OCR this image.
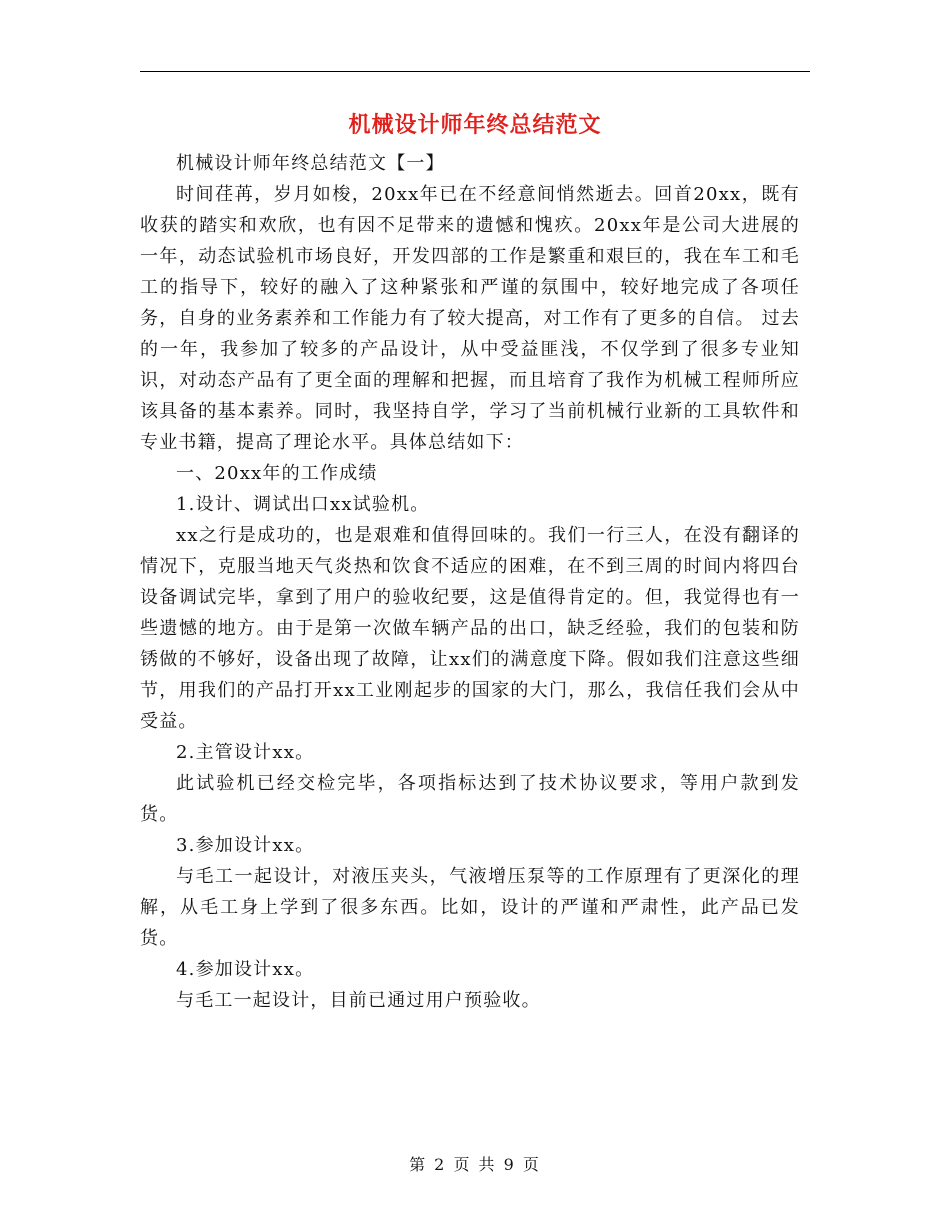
机械设计师年终总结范文

机械设计师年终总结范文【一】

时间荏苒，岁月如梭，20xx年已在不经意间悄然逝去。回首20xx，既有收获的踏实和欢欣，也有因不足带来的遗憾和愧疚。20xx年是公司大进展的一年，动态试验机市场良好，开发四部的工作是繁重和艰巨的，我在车工和毛工的指导下，较好的融入了这种紧张和严谨的氛围中，较好地完成了各项任务，自身的业务素养和工作能力有了较大提高，对工作有了更多的自信。 过去的一年，我参加了较多的产品设计，从中受益匪浅，不仅学到了很多专业知识，对动态产品有了更全面的理解和把握，而且培育了我作为机械工程师所应该具备的基本素养。同时，我坚持自学，学习了当前机械行业新的工具软件和专业书籍，提高了理论水平。具体总结如下：

一、20xx年的工作成绩

1.设计、调试出口xx试验机。

xx之行是成功的，也是艰难和值得回味的。我们一行三人，在没有翻译的情况下，克服当地天气炎热和饮食不适应的困难，在不到三周的时间内将四台设备调试完毕，拿到了用户的验收纪要，这是值得肯定的。但，我觉得也有一些遗憾的地方。由于是第一次做车辆产品的出口，缺乏经验，我们的包装和防锈做的不够好，设备出现了故障，让xx们的满意度下降。假如我们注意这些细节，用我们的产品打开xx工业刚起步的国家的大门，那么，我信任我们会从中受益。

2.主管设计xx。

此试验机已经交检完毕，各项指标达到了技术协议要求，等用户款到发货。

3.参加设计xx。

与毛工一起设计，对液压夹头，气液增压泵等的工作原理有了更深化的理解，从毛工身上学到了很多东西。比如，设计的严谨和严肃性，此产品已发货。

4.参加设计xx。

与毛工一起设计，目前已通过用户预验收。

第 2 页 共 9 页
